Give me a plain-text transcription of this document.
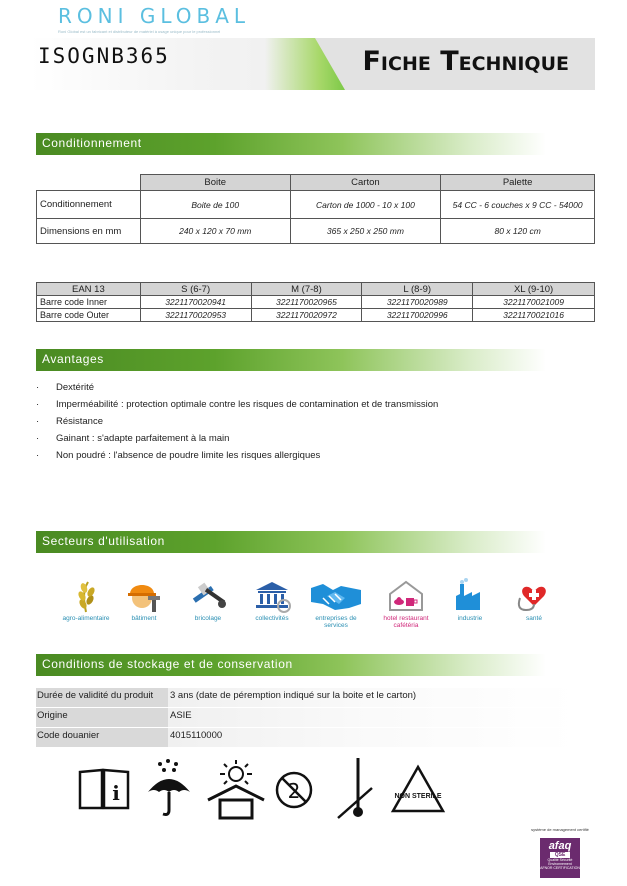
RONI GLOBAL
Roni Global est un fabricant et distributeur de matériel à usage unique pour le professionnel
ISOGNB365	Fiche Technique
Conditionnement
	Boite	Carton	Palette
Conditionnement	Boite de 100	Carton de 1000 - 10 x 100	54 CC - 6 couches x 9 CC - 54000
Dimensions en mm	240 x 120 x 70 mm	365 x 250 x 250 mm	80 x 120 cm
EAN 13	S (6-7)	M (7-8)	L (8-9)	XL (9-10)
Barre code Inner	3221170020941	3221170020965	3221170020989	3221170021009
Barre code Outer	3221170020953	3221170020972	3221170020996	3221170021016
Avantages
·	Dextérité
·	Imperméabilité : protection optimale contre les risques de contamination et de transmission
·	Résistance
·	Gainant : s'adapte parfaitement à la main
·	Non poudré : l'absence de poudre limite les risques allergiques
Secteurs d'utilisation
agro-alimentaire	bâtiment	bricolage	collectivités	entreprises de services
hotel restaurant cafétéria
industrie	santé
Conditions de stockage et de conservation
Durée de validité du produit 3 ans (date de péremption indiqué sur la boite et le carton)
Origine	ASIE
Code douanier	4015110000
i	2	NON STERILE
système de management certifié
afaq
QSE
Qualité Sécurité Environnement
AFNOR CERTIFICATION
